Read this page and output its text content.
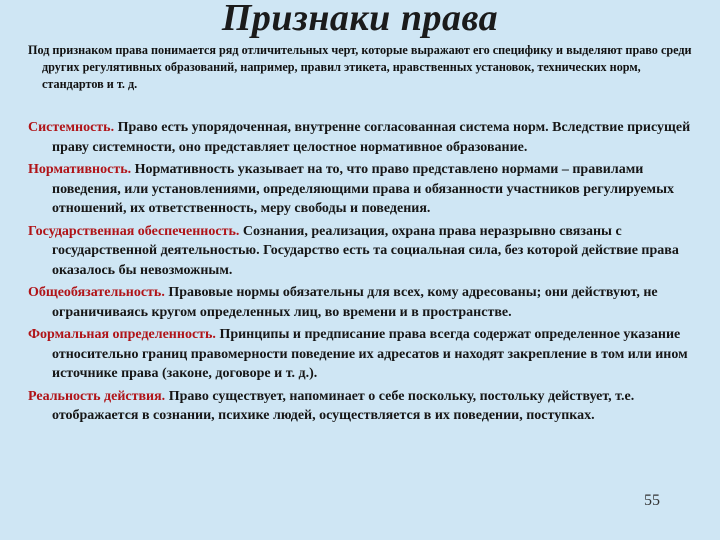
Признаки права
Под признаком права понимается ряд отличительных черт, которые выражают его специфику и выделяют право среди других регулятивных образований, например, правил этикета, нравственных установок, технических норм, стандартов и т. д.
Системность. Право есть упорядоченная, внутренне согласованная система норм. Вследствие присущей праву системности, оно представляет целостное нормативное образование.
Нормативность. Нормативность указывает на то, что право представлено нормами – правилами поведения, или установлениями, определяющими права и обязанности участников регулируемых отношений, их ответственность, меру свободы и поведения.
Государственная обеспеченность. Сознания, реализация, охрана права неразрывно связаны с государственной деятельностью. Государство есть та социальная сила, без которой действие права оказалось бы невозможным.
Общеобязательность. Правовые нормы обязательны для всех, кому адресованы; они действуют, не ограничиваясь кругом определенных лиц, во времени и в пространстве.
Формальная определенность. Принципы и предписание права всегда содержат определенное указание относительно границ правомерности поведение их адресатов и находят закрепление в том или ином источнике права (законе, договоре и т. д.).
Реальность действия. Право существует, напоминает о себе поскольку, постольку действует, т.е. отображается в сознании, психике людей, осуществляется в их поведении, поступках.
55
